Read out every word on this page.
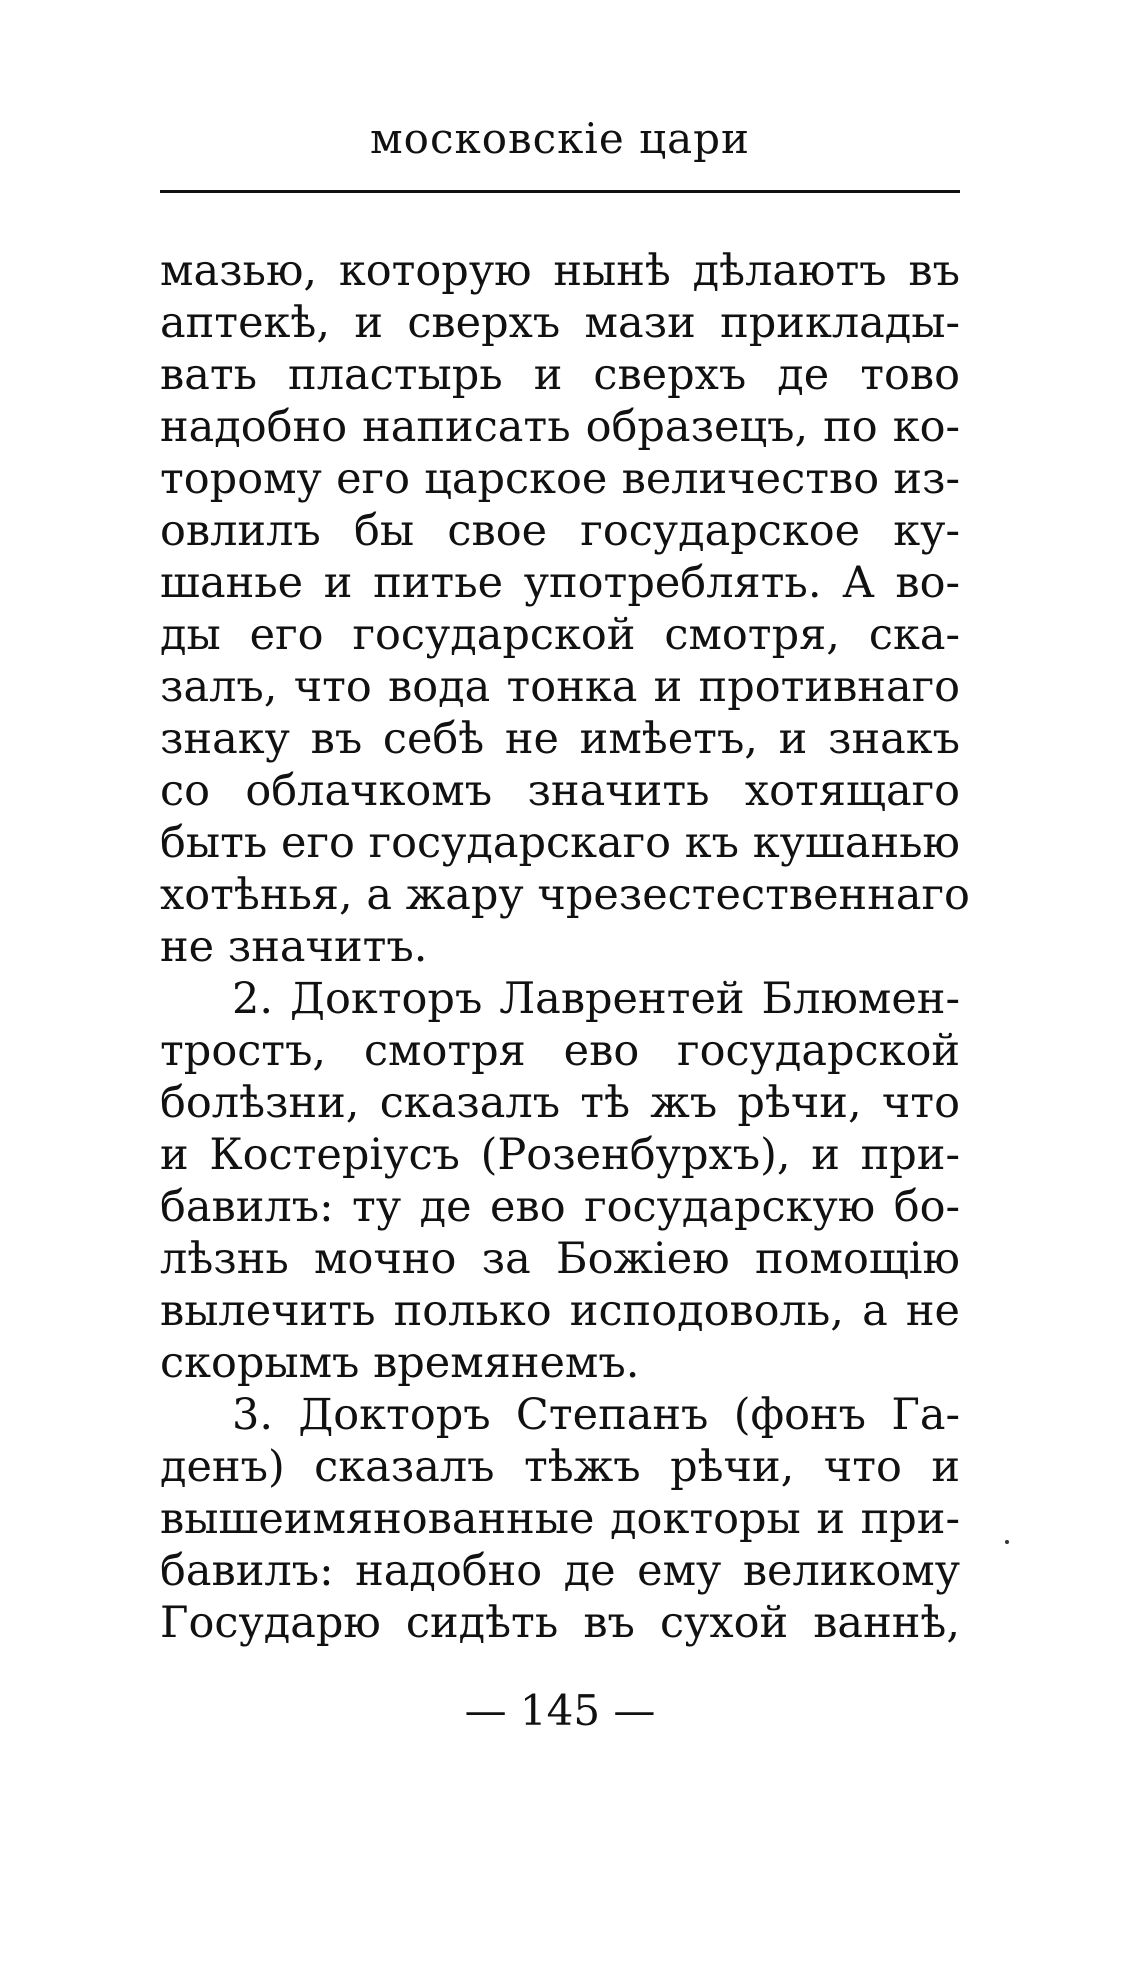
московскіе цари
мазью, которую нынѣ дѣлаютъ въ
аптекѣ, и сверхъ мази приклады-
вать пластырь и сверхъ де тово
надобно написать образецъ, по ко-
торому его царское величество из-
овлилъ бы свое государское ку-
шанье и питье употреблять. А во-
ды его государской смотря, ска-
залъ, что вода тонка и противнаго
знаку въ себѣ не имѣетъ, и знакъ
со облачкомъ значить хотящаго
быть его государскаго къ кушанью
хотѣнья, а жару чрезестественнаго
не значитъ.
2. Докторъ Лаврентей Блюмен-
тростъ, смотря ево государской
болѣзни, сказалъ тѣ жъ рѣчи, что
и Костеріусъ (Розенбурхъ), и при-
бавилъ: ту де ево государскую бо-
лѣзнь мочно за Божіею помощію
вылечить полько исподоволь, а не
скорымъ времянемъ.
3. Докторъ Степанъ (фонъ Га-
денъ) сказалъ тѣжъ рѣчи, что и
вышеимянованные докторы и при-
бавилъ: надобно де ему великому
Государю сидѣть въ сухой ваннѣ,
— 145 —
